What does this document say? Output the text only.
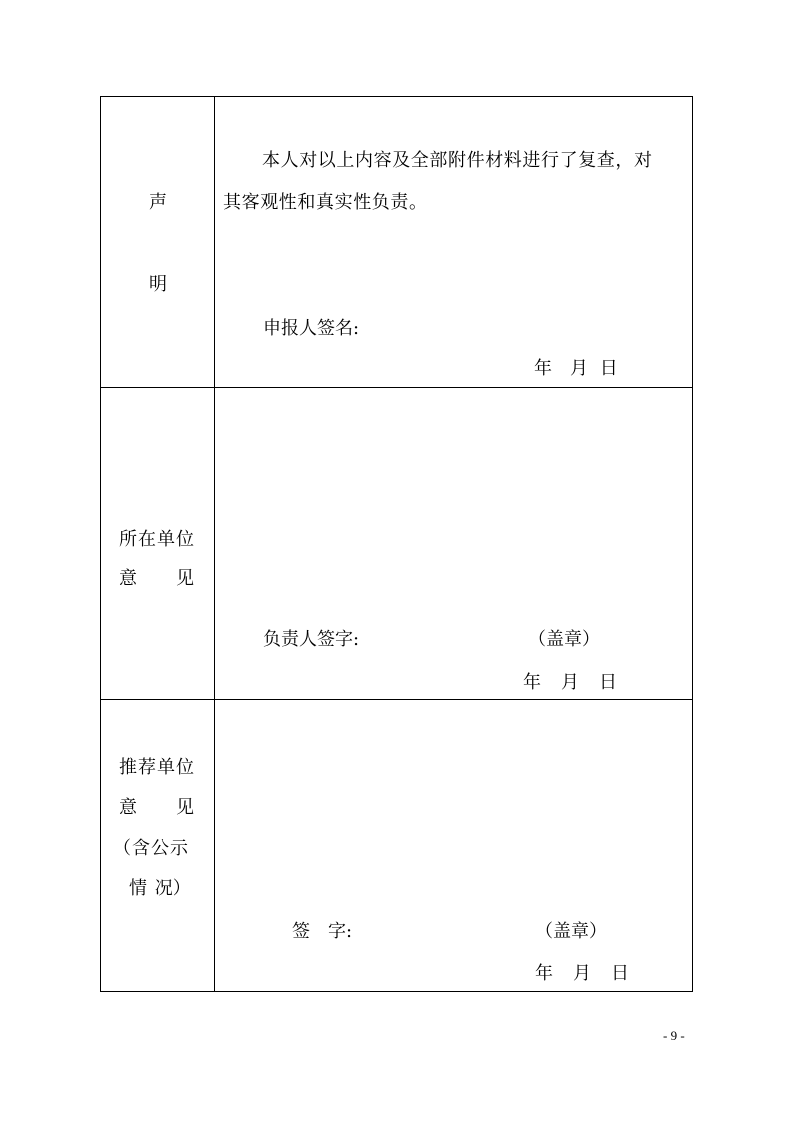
声
明
本人对以上内容及全部附件材料进行了复查，对
其客观性和真实性负责。
申报人签名:
年　月 日
所在单位
意　　见
负责人签字:	（盖章）
年　月　日
推荐单位
意　　见
（含公示
情 况）
签　字:	（盖章）
年　月　日
- 9 -
